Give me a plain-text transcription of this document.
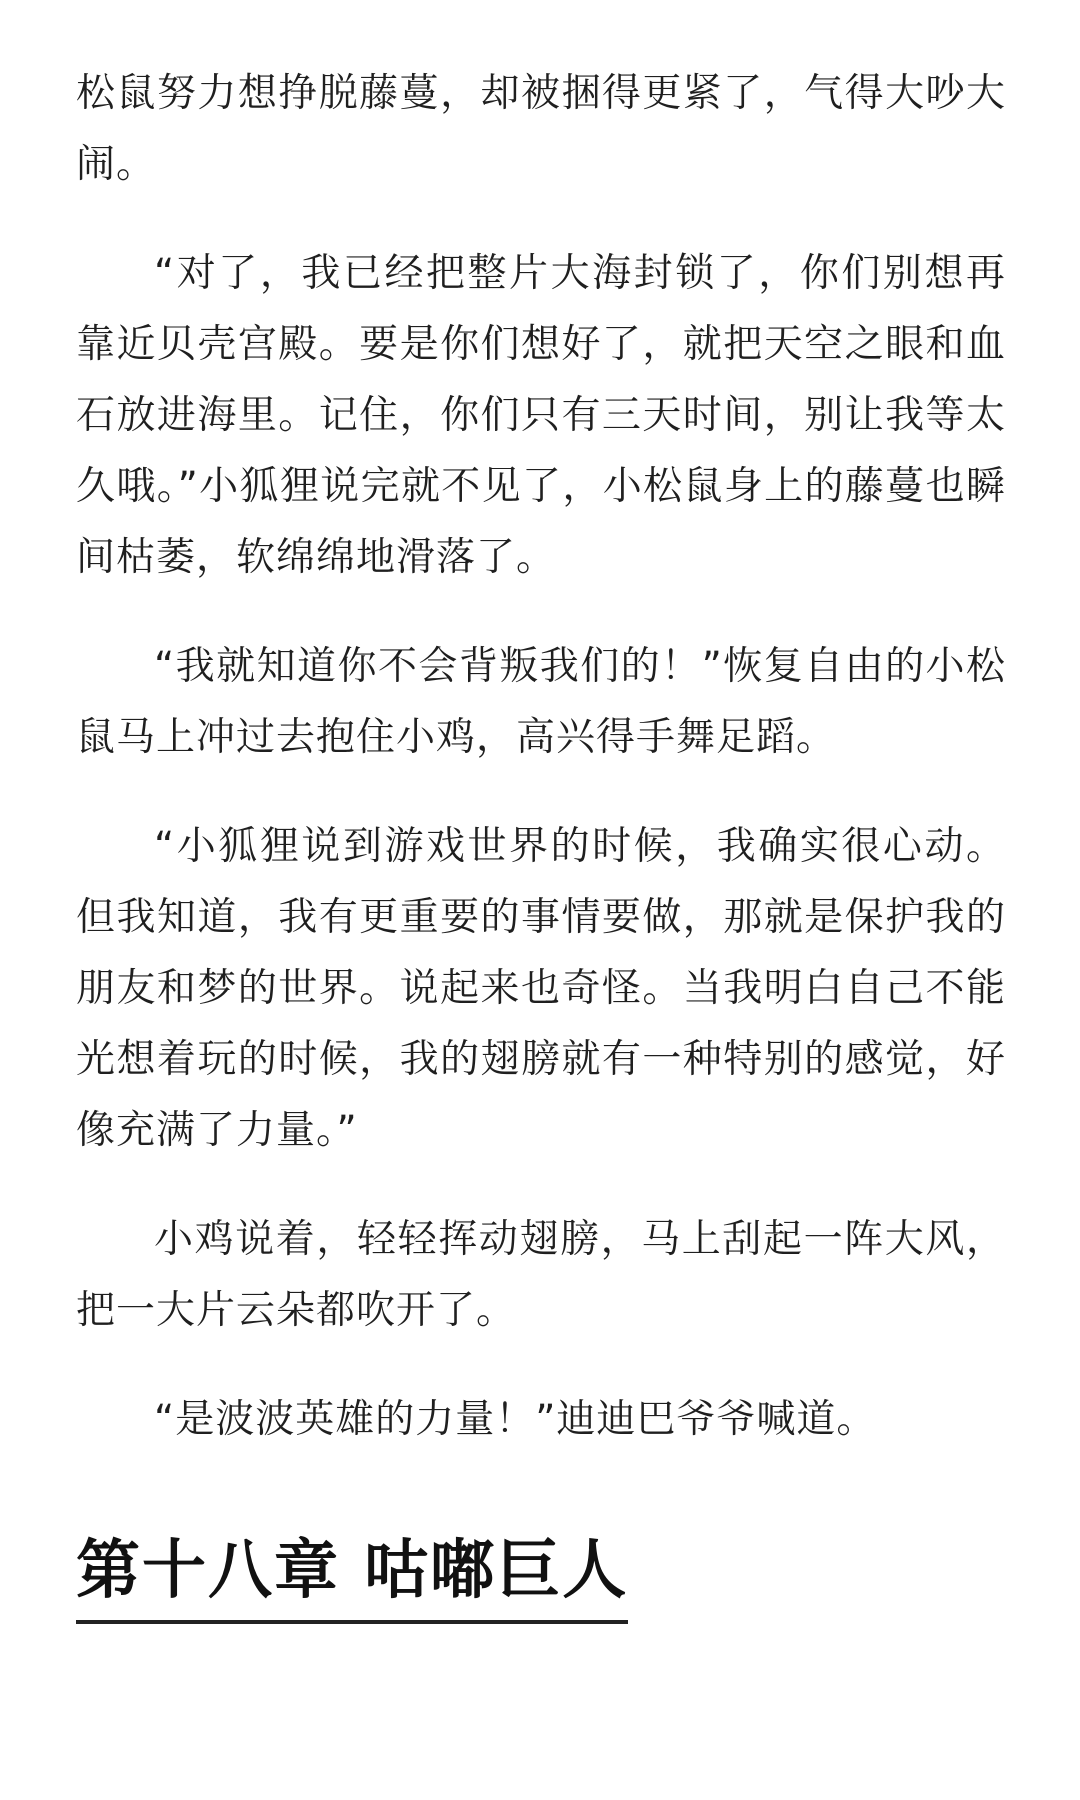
松鼠努力想挣脱藤蔓，却被捆得更紧了，气得大吵大闹。

“对了，我已经把整片大海封锁了，你们别想再靠近贝壳宫殿。要是你们想好了，就把天空之眼和血石放进海里。记住，你们只有三天时间，别让我等太久哦。”小狐狸说完就不见了，小松鼠身上的藤蔓也瞬间枯萎，软绵绵地滑落了。

“我就知道你不会背叛我们的！”恢复自由的小松鼠马上冲过去抱住小鸡，高兴得手舞足蹈。

“小狐狸说到游戏世界的时候，我确实很心动。但我知道，我有更重要的事情要做，那就是保护我的朋友和梦的世界。说起来也奇怪。当我明白自己不能光想着玩的时候，我的翅膀就有一种特别的感觉，好像充满了力量。”

小鸡说着，轻轻挥动翅膀，马上刮起一阵大风，把一大片云朵都吹开了。

“是波波英雄的力量！”迪迪巴爷爷喊道。

第十八章 咕嘟巨人
